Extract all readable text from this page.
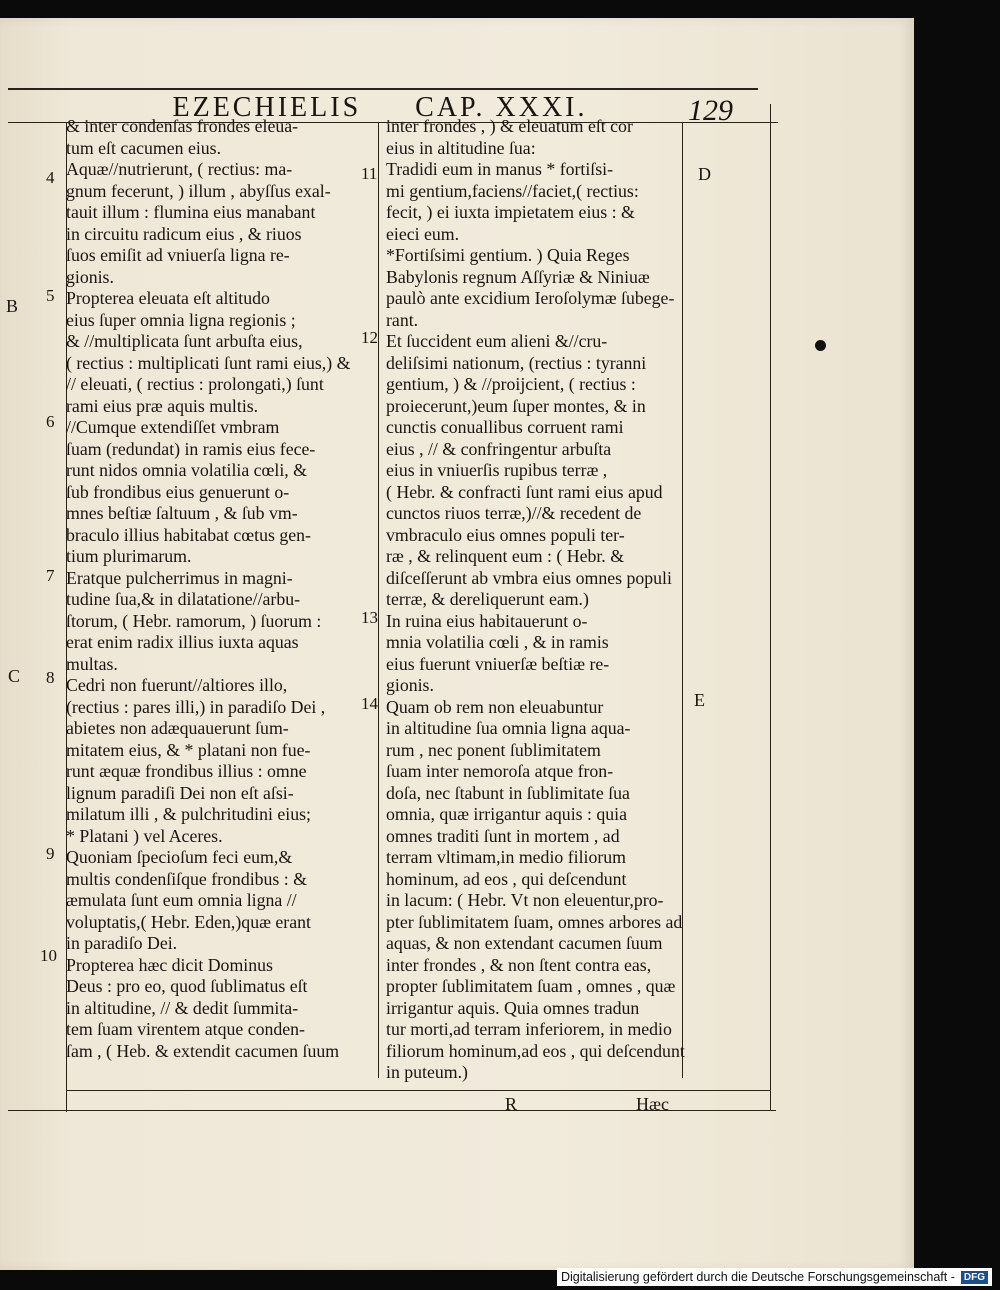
EZECHIELIS CAP. XXXI.	129

& inter condenſas frondes eleua-

tum eſt cacumen eius.

Aquæ//nutrierunt, ( rectius: ma-

gnum fecerunt, ) illum , abyſſus exal-

tauit illum : flumina eius manabant

in circuitu radicum eius , & riuos

ſuos emiſit ad vniuerſa ligna re-

gionis.

Propterea eleuata eſt altitudo

eius ſuper omnia ligna regionis ;

& //multiplicata ſunt arbuſta eius,

( rectius : multiplicati ſunt rami eius,) &

// eleuati, ( rectius : prolongati,) ſunt

rami eius præ aquis multis.

//Cumque extendiſſet vmbram

ſuam (redundat) in ramis eius fece-

runt nidos omnia volatilia cœli, &

ſub frondibus eius genuerunt o-

mnes beſtiæ ſaltuum , & ſub vm-

braculo illius habitabat cœtus gen-

tium plurimarum.

Eratque pulcherrimus in magni-

tudine ſua,& in dilatatione//arbu-

ſtorum, ( Hebr. ramorum, ) ſuorum :

erat enim radix illius iuxta aquas

multas.

Cedri non fuerunt//altiores illo,

(rectius : pares illi,) in paradiſo Dei ,

abietes non adæquauerunt ſum-

mitatem eius, & * platani non fue-

runt æquæ frondibus illius : omne

lignum paradiſi Dei non eſt aſsi-

milatum illi , & pulchritudini eius;

* Platani ) vel Aceres.

Quoniam ſpecioſum feci eum,&

multis condenſiſque frondibus : &

æmulata ſunt eum omnia ligna //

voluptatis,( Hebr. Eden,)quæ erant

in paradiſo Dei.

Propterea hæc dicit Dominus

Deus : pro eo, quod ſublimatus eſt

in altitudine, // & dedit ſummita-

tem ſuam virentem atque conden-

ſam , ( Heb. & extendit cacumen ſuum

inter frondes , ) & eleuatum eſt cor

eius in altitudine ſua:

Tradidi eum in manus * fortiſsi-

mi gentium,faciens//faciet,( rectius:

fecit, ) ei iuxta impietatem eius : &

eieci eum.

*Fortiſsimi gentium. ) Quia Reges

Babylonis regnum Aſſyriæ & Niniuæ

paulò ante excidium Ieroſolymæ ſubege-

rant.

Et ſuccident eum alieni &//cru-

deliſsimi nationum, (rectius : tyranni

gentium, ) & //proijcient, ( rectius :

proiecerunt,)eum ſuper montes, & in

cunctis conuallibus corruent rami

eius , // & confringentur arbuſta

eius in vniuerſis rupibus terræ ,

( Hebr. & confracti ſunt rami eius apud

cunctos riuos terræ,)//& recedent de

vmbraculo eius omnes populi ter-

ræ , & relinquent eum : ( Hebr. &

diſceſſerunt ab vmbra eius omnes populi

terræ, & dereliquerunt eam.)

In ruina eius habitauerunt o-

mnia volatilia cœli , & in ramis

eius fuerunt vniuerſæ beſtiæ re-

gionis.

Quam ob rem non eleuabuntur

in altitudine ſua omnia ligna aqua-

rum , nec ponent ſublimitatem

ſuam inter nemoroſa atque fron-

doſa, nec ſtabunt in ſublimitate ſua

omnia, quæ irrigantur aquis : quia

omnes traditi ſunt in mortem , ad

terram vltimam,in medio filiorum

hominum, ad eos , qui deſcendunt

in lacum: ( Hebr. Vt non eleuentur,pro-

pter ſublimitatem ſuam, omnes arbores ad

aquas, & non extendant cacumen ſuum

inter frondes , & non ſtent contra eas,

propter ſublimitatem ſuam , omnes , quæ

irrigantur aquis. Quia omnes tradun

tur morti,ad terram inferiorem, in medio

filiorum hominum,ad eos , qui deſcendunt

in puteum.)

4
5
6
7
8
9
10
11
12
13
14
B
C
D
E
R	Hæc
Digitalisierung gefördert durch die Deutsche Forschungsgemeinschaft - DFG
